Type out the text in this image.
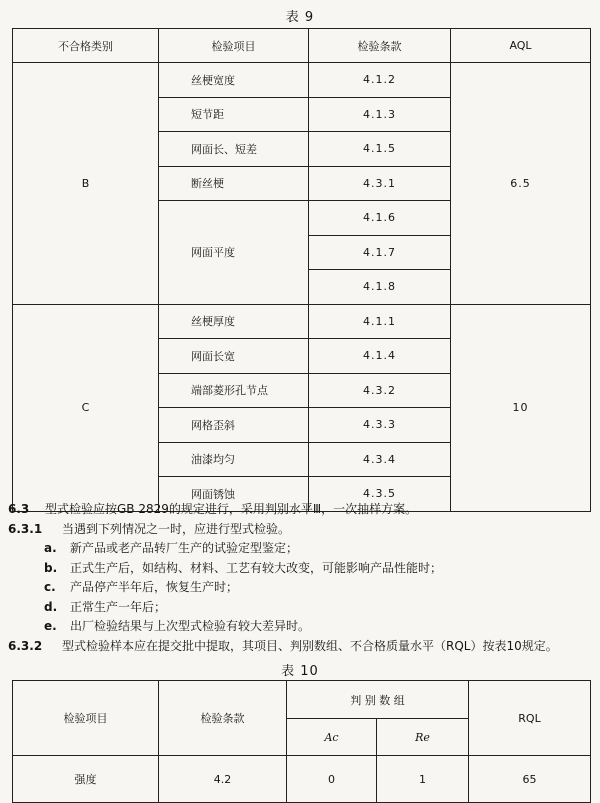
表 9
不合格类别	检验项目	检验条款	AQL
B	丝梗宽度	4.1.2	6.5
	短节距	4.1.3	
	网面长、短差	4.1.5	
	断丝梗	4.3.1	
	网面平度	4.1.6	
		4.1.7	
		4.1.8	
C	丝梗厚度	4.1.1	10
	网面长宽	4.1.4	
	端部菱形孔节点	4.3.2	
	网格歪斜	4.3.3	
	油漆均匀	4.3.4	
	网面锈蚀	4.3.5	
6.3 型式检验应按GB 2829的规定进行，采用判别水平Ⅲ，一次抽样方案。
6.3.1 当遇到下列情况之一时，应进行型式检验。
a. 新产品或老产品转厂生产的试验定型鉴定；
b. 正式生产后，如结构、材料、工艺有较大改变，可能影响产品性能时；
c. 产品停产半年后，恢复生产时；
d. 正常生产一年后；
e. 出厂检验结果与上次型式检验有较大差异时。
6.3.2 型式检验样本应在提交批中提取，其项目、判别数组、不合格质量水平（RQL）按表10规定。
表 10
检验项目	检验条款	判 别 数 组		RQL
		Ac	Re	
强度	4.2	0	1	65
